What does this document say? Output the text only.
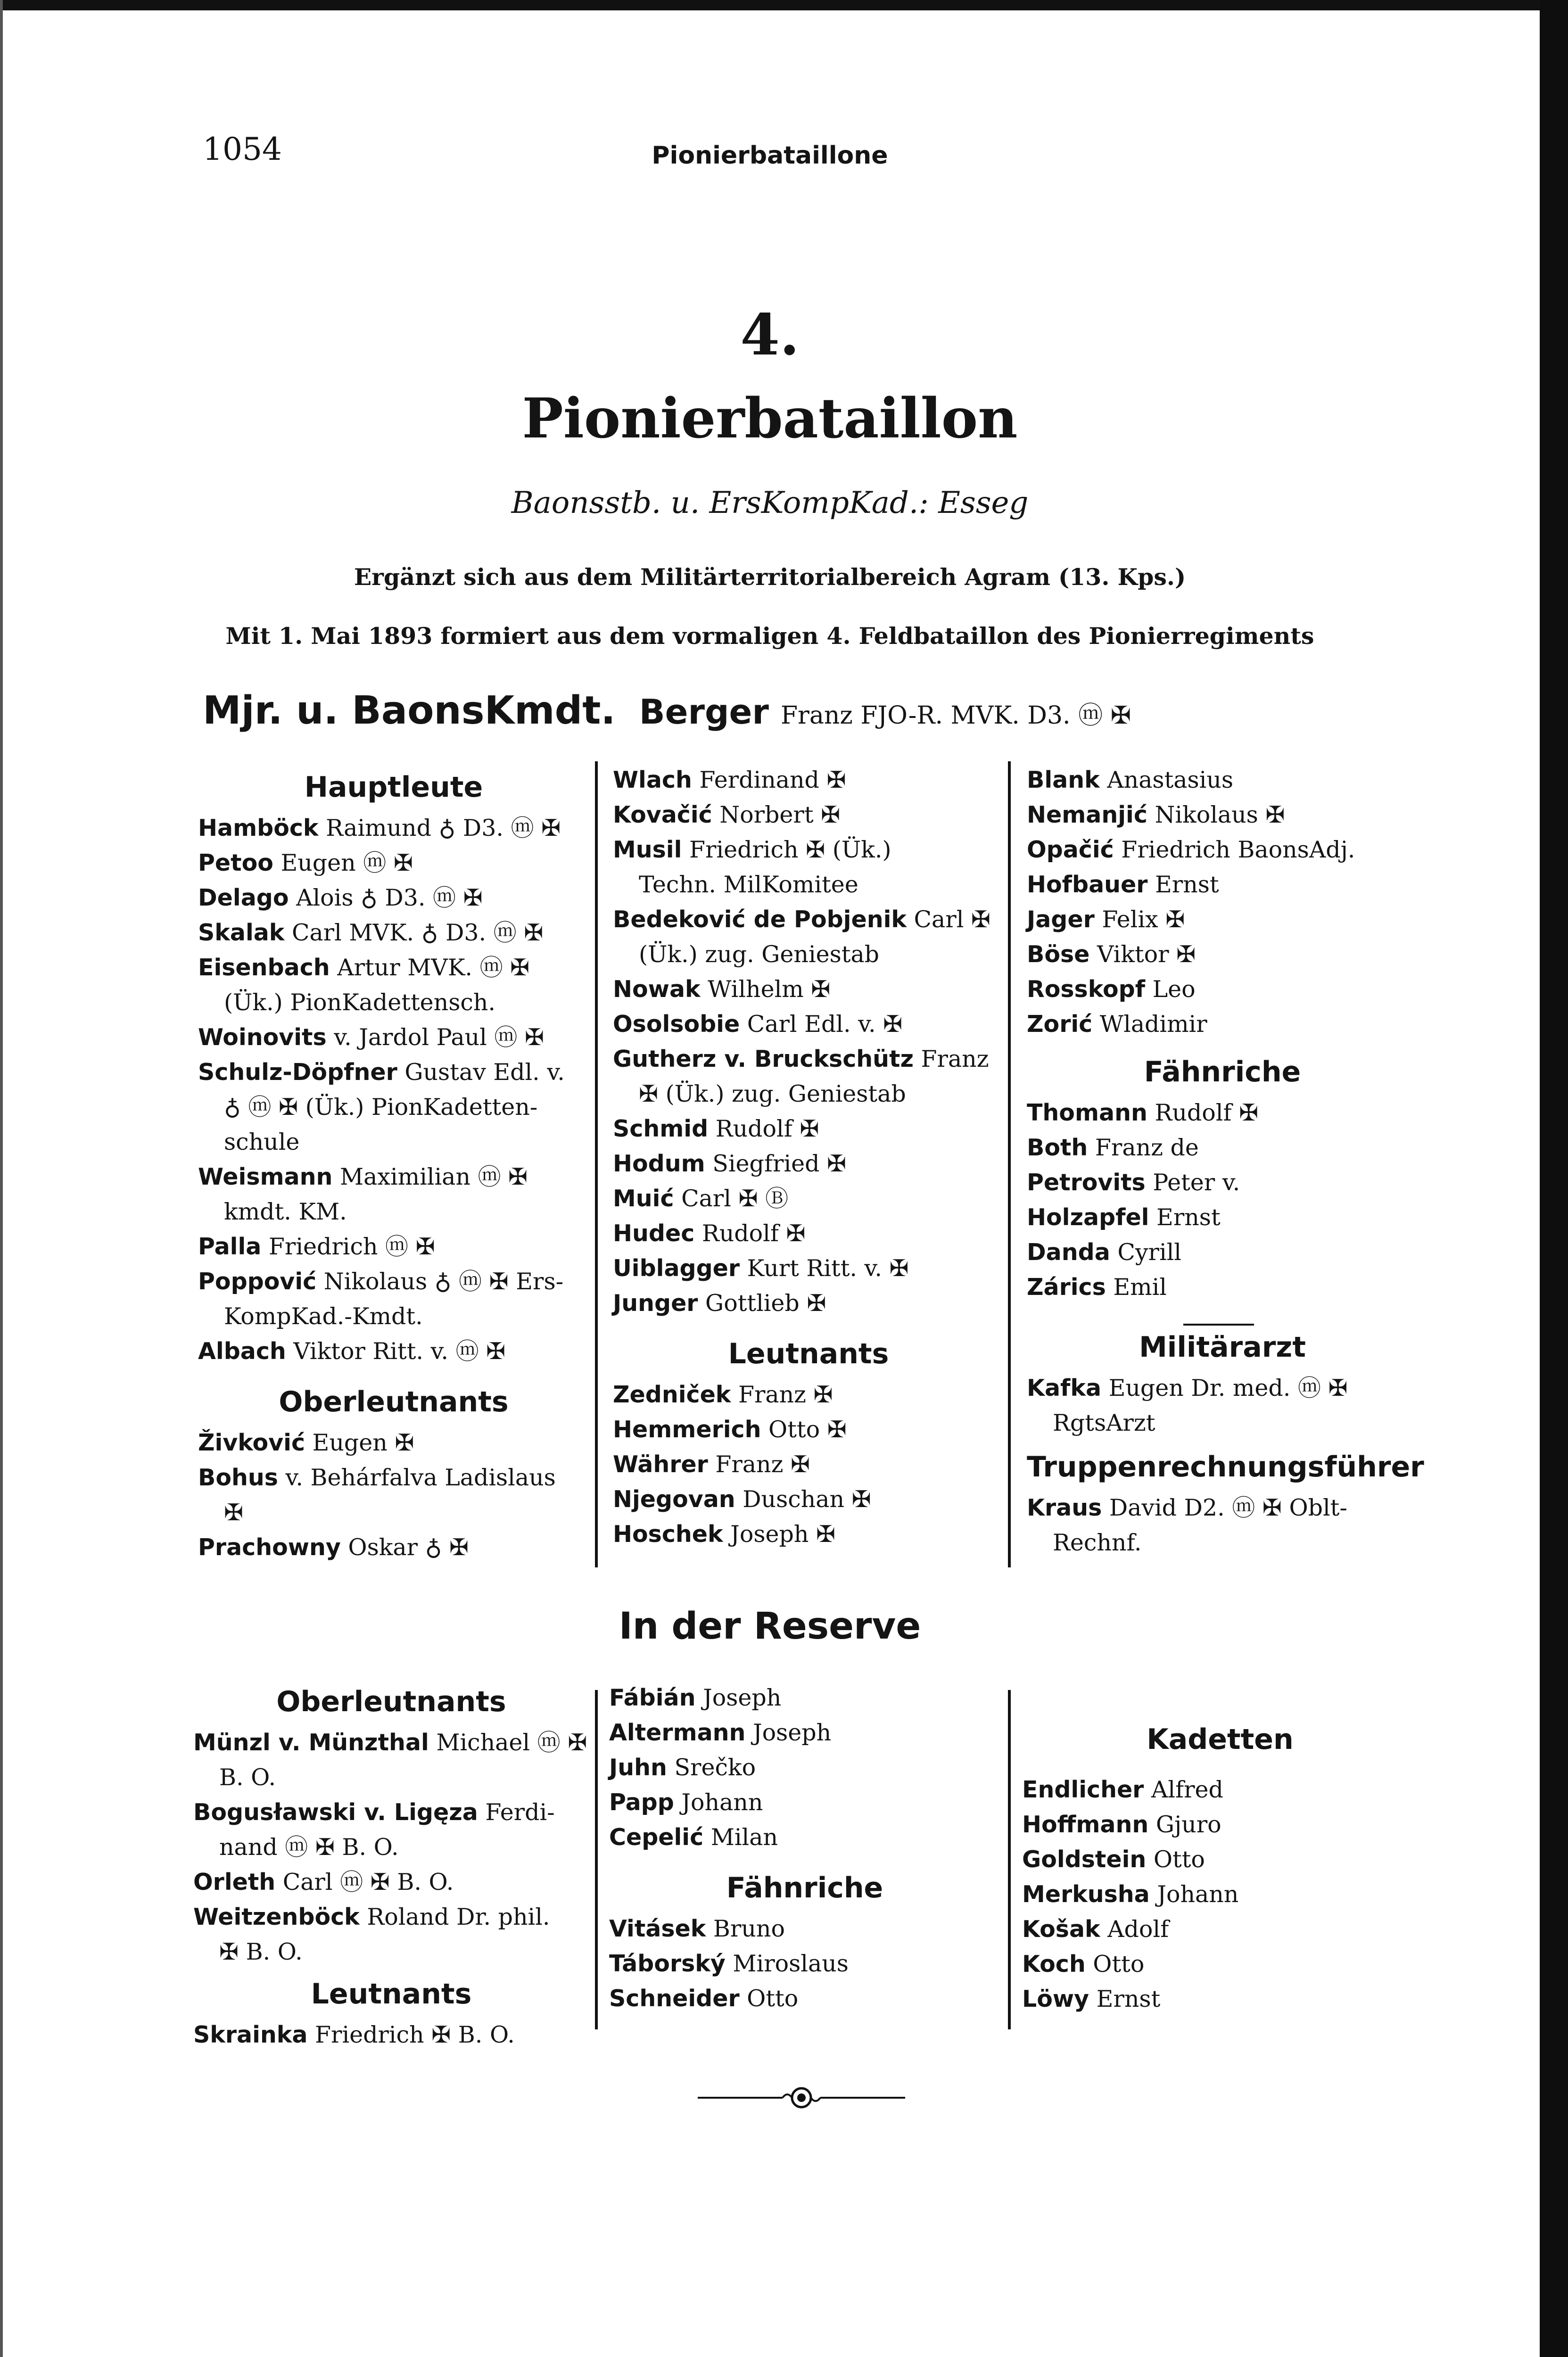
1054	Pionierbataillone
4.
Pionierbataillon
Baonsstb. u. ErsKompKad.: Esseg
Ergänzt sich aus dem Militärterritorialbereich Agram (13. Kps.)
Mit 1. Mai 1893 formiert aus dem vormaligen 4. Feldbataillon des Pionierregiments
Mjr. u. BaonsKmdt. Berger Franz FJO-R. MVK. D3. ⓜ ✠
Hauptleute
Hamböck Raimund ♁ D3. ⓜ ✠
Petoo Eugen ⓜ ✠
Delago Alois ♁ D3. ⓜ ✠
Skalak Carl MVK. ♁ D3. ⓜ ✠
Eisenbach Artur MVK. ⓜ ✠
(Ük.) PionKadettensch.
Woinovits v. Jardol Paul ⓜ ✠
Schulz-Döpfner Gustav Edl. v.
♁ ⓜ ✠ (Ük.) PionKadetten-
schule
Weismann Maximilian ⓜ ✠
kmdt. KM.
Palla Friedrich ⓜ ✠
Poppović Nikolaus ♁ ⓜ ✠ Ers-
KompKad.-Kmdt.
Albach Viktor Ritt. v. ⓜ ✠
Oberleutnants
Živković Eugen ✠
Bohus v. Behárfalva Ladislaus
✠
Prachowny Oskar ♁ ✠
Wlach Ferdinand ✠
Kovačić Norbert ✠
Musil Friedrich ✠ (Ük.)
Techn. MilKomitee
Bedeković de Pobjenik Carl ✠
(Ük.) zug. Geniestab
Nowak Wilhelm ✠
Osolsobie Carl Edl. v. ✠
Gutherz v. Bruckschütz Franz
✠ (Ük.) zug. Geniestab
Schmid Rudolf ✠
Hodum Siegfried ✠
Muić Carl ✠ Ⓑ
Hudec Rudolf ✠
Uiblagger Kurt Ritt. v. ✠
Junger Gottlieb ✠
Leutnants
Zedniček Franz ✠
Hemmerich Otto ✠
Währer Franz ✠
Njegovan Duschan ✠
Hoschek Joseph ✠
Blank Anastasius
Nemanjić Nikolaus ✠
Opačić Friedrich BaonsAdj.
Hofbauer Ernst
Jager Felix ✠
Böse Viktor ✠
Rosskopf Leo
Zorić Wladimir
Fähnriche
Thomann Rudolf ✠
Both Franz de
Petrovits Peter v.
Holzapfel Ernst
Danda Cyrill
Zárics Emil
Militärarzt
Kafka Eugen Dr. med. ⓜ ✠
RgtsArzt
Truppenrechnungsführer
Kraus David D2. ⓜ ✠ Oblt-
Rechnf.
In der Reserve
Oberleutnants
Münzl v. Münzthal Michael ⓜ ✠
B. O.
Bogusławski v. Ligęza Ferdi-
nand ⓜ ✠ B. O.
Orleth Carl ⓜ ✠ B. O.
Weitzenböck Roland Dr. phil.
✠ B. O.
Leutnants
Skrainka Friedrich ✠ B. O.
Fábián Joseph
Altermann Joseph
Juhn Srečko
Papp Johann
Cepelić Milan
Fähnriche
Vitásek Bruno
Táborský Miroslaus
Schneider Otto
Kadetten
Endlicher Alfred
Hoffmann Gjuro
Goldstein Otto
Merkusha Johann
Košak Adolf
Koch Otto
Löwy Ernst
